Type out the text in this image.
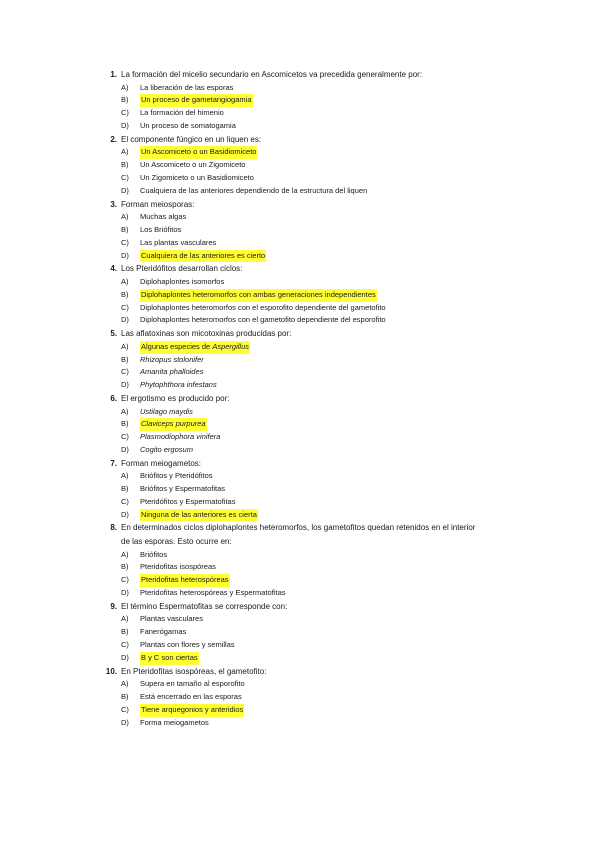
1. La formación del micelio secundario en Ascomicetos va precedida generalmente por:
A) La liberación de las esporas
B) Un proceso de gametangiogamia
C) La formación del himenio
D) Un proceso de somatogamia
2. El componente fúngico en un liquen es:
A) Un Ascomiceto o un Basidiomiceto
B) Un Ascomiceto o un Zigomiceto
C) Un Zigomiceto o un Basidiomiceto
D) Cualquiera de las anteriores dependiendo de la estructura del liquen
3. Forman meiosporas:
A) Muchas algas
B) Los Briófitos
C) Las plantas vasculares
D) Cualquiera de las anteriores es cierto
4. Los Pteridófitos desarrollan ciclos:
A) Diplohaplontes isomorfos
B) Diplohaplontes heteromorfos con ambas generaciones independientes
C) Diplohaplontes heteromorfos con el esporofito dependiente del gametofito
D) Diplohaplontes heteromorfos con el gametofito dependiente del esporofito
5. Las aflatoxinas son micotoxinas producidas por:
A) Algunas especies de Aspergillus
B) Rhizopus stolonifer
C) Amanita phalloides
D) Phytophthora infestans
6. El ergotismo es producido por:
A) Ustilago maydis
B) Claviceps purpurea
C) Plasmodiophora vinifera
D) Cogito ergosum
7. Forman meiogametos:
A) Briófitos y Pteridófitos
B) Briófitos y Espermatofitas
C) Pteridófitos y Espermatofitas
D) Ninguna de las anteriores es cierta
8. En determinados ciclos diplohaplontes heteromorfos, los gametofitos quedan retenidos en el interior
de las esporas. Esto ocurre en:
A) Briófitos
B) Pteridofitas isospóreas
C) Pteridofitas heterospóreas
D) Pteridofitas heterospóreas y Espermatofitas
9. El término Espermatofitas se corresponde con:
A) Plantas vasculares
B) Fanerógamas
C) Plantas con flores y semillas
D) B y C son ciertas
10. En Pteridofitas isospóreas, el gametofito:
A) Supera en tamaño al esporofito
B) Está encerrado en las esporas
C) Tiene arquegonios y anteridios
D) Forma meiogametos
